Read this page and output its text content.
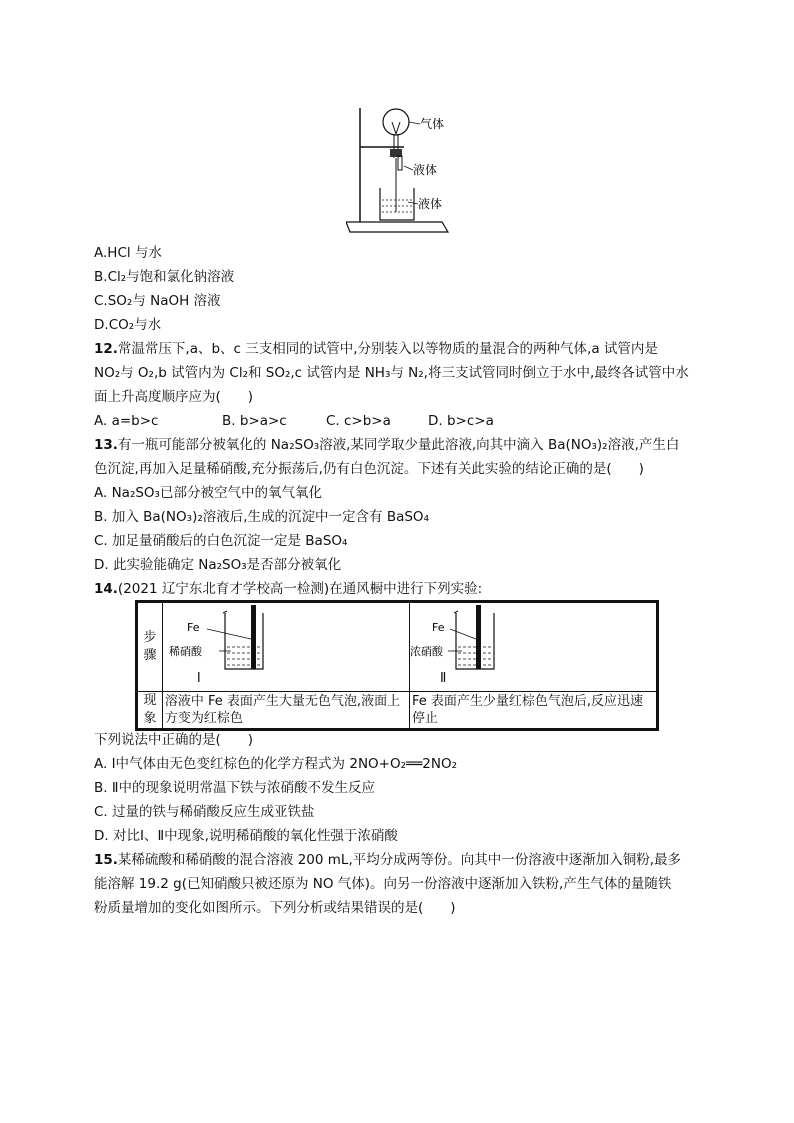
气体
液体
液体
A.HCl 与水
B.Cl₂与饱和氯化钠溶液
C.SO₂与 NaOH 溶液
D.CO₂与水
12.常温常压下,a、b、c 三支相同的试管中,分别装入以等物质的量混合的两种气体,a 试管内是
NO₂与 O₂,b 试管内为 Cl₂和 SO₂,c 试管内是 NH₃与 N₂,将三支试管同时倒立于水中,最终各试管中水
面上升高度顺序应为(　　)
A. a=b>c	B. b>a>c	C. c>b>a	D. b>c>a
13.有一瓶可能部分被氧化的 Na₂SO₃溶液,某同学取少量此溶液,向其中滴入 Ba(NO₃)₂溶液,产生白
色沉淀,再加入足量稀硝酸,充分振荡后,仍有白色沉淀。下述有关此实验的结论正确的是(　　)
A. Na₂SO₃已部分被空气中的氧气氧化
B. 加入 Ba(NO₃)₂溶液后,生成的沉淀中一定含有 BaSO₄
C. 加足量硝酸后的白色沉淀一定是 BaSO₄
D. 此实验能确定 Na₂SO₃是否部分被氧化
14.(2021 辽宁东北育才学校高一检测)在通风橱中进行下列实验:
步骤	Fe
稀硝酸
Ⅰ	Fe
浓硝酸
Ⅱ

现象	溶液中 Fe 表面产生大量无色气泡,液面上方变为红棕色	Fe 表面产生少量红棕色气泡后,反应迅速停止
下列说法中正确的是(　　)
A. Ⅰ中气体由无色变红棕色的化学方程式为 2NO+O₂══2NO₂
B. Ⅱ中的现象说明常温下铁与浓硝酸不发生反应
C. 过量的铁与稀硝酸反应生成亚铁盐
D. 对比Ⅰ、Ⅱ中现象,说明稀硝酸的氧化性强于浓硝酸
15.某稀硫酸和稀硝酸的混合溶液 200 mL,平均分成两等份。向其中一份溶液中逐渐加入铜粉,最多
能溶解 19.2 g(已知硝酸只被还原为 NO 气体)。向另一份溶液中逐渐加入铁粉,产生气体的量随铁
粉质量增加的变化如图所示。下列分析或结果错误的是(　　)
